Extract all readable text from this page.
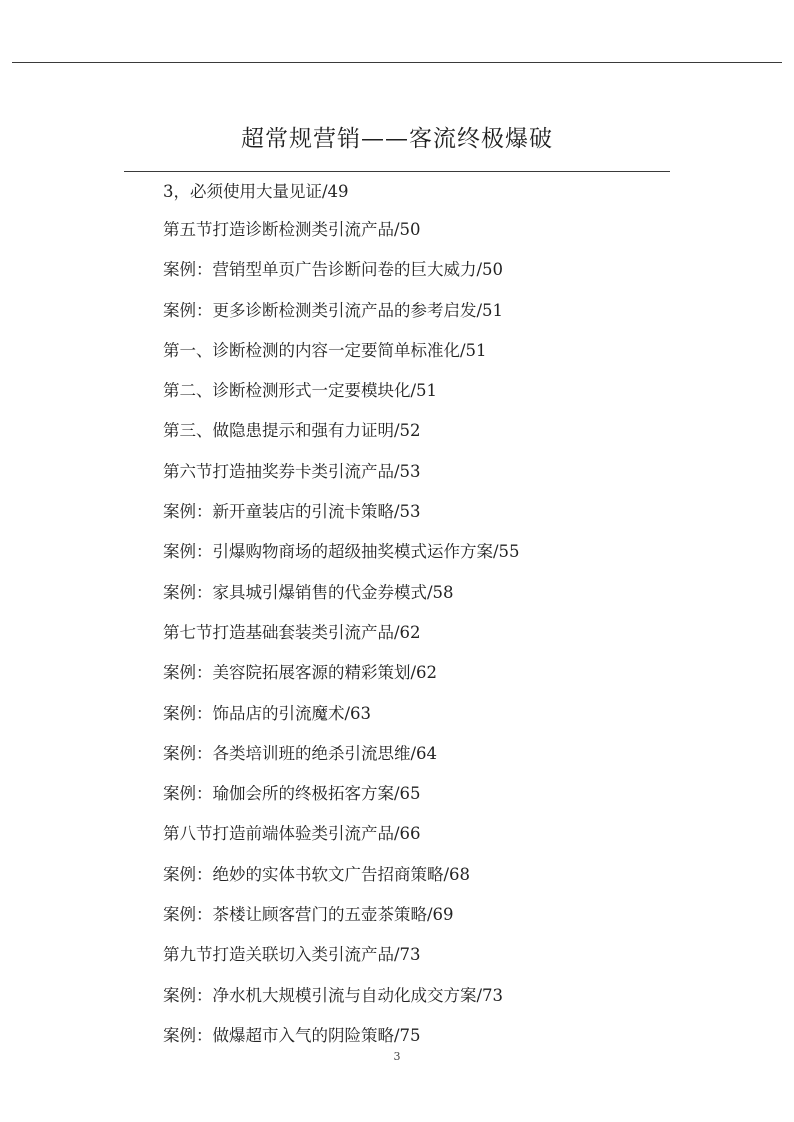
超常规营销——客流终极爆破
3，必须使用大量见证/49
第五节打造诊断检测类引流产品/50
案例：营销型单页广告诊断问卷的巨大威力/50
案例：更多诊断检测类引流产品的参考启发/51
第一、诊断检测的内容一定要简单标准化/51
第二、诊断检测形式一定要模块化/51
第三、做隐患提示和强有力证明/52
第六节打造抽奖券卡类引流产品/53
案例：新开童装店的引流卡策略/53
案例：引爆购物商场的超级抽奖模式运作方案/55
案例：家具城引爆销售的代金券模式/58
第七节打造基础套装类引流产品/62
案例：美容院拓展客源的精彩策划/62
案例：饰品店的引流魔术/63
案例：各类培训班的绝杀引流思维/64
案例：瑜伽会所的终极拓客方案/65
第八节打造前端体验类引流产品/66
案例：绝妙的实体书软文广告招商策略/68
案例：茶楼让顾客营门的五壶茶策略/69
第九节打造关联切入类引流产品/73
案例：净水机大规模引流与自动化成交方案/73
案例：做爆超市入气的阴险策略/75
3
